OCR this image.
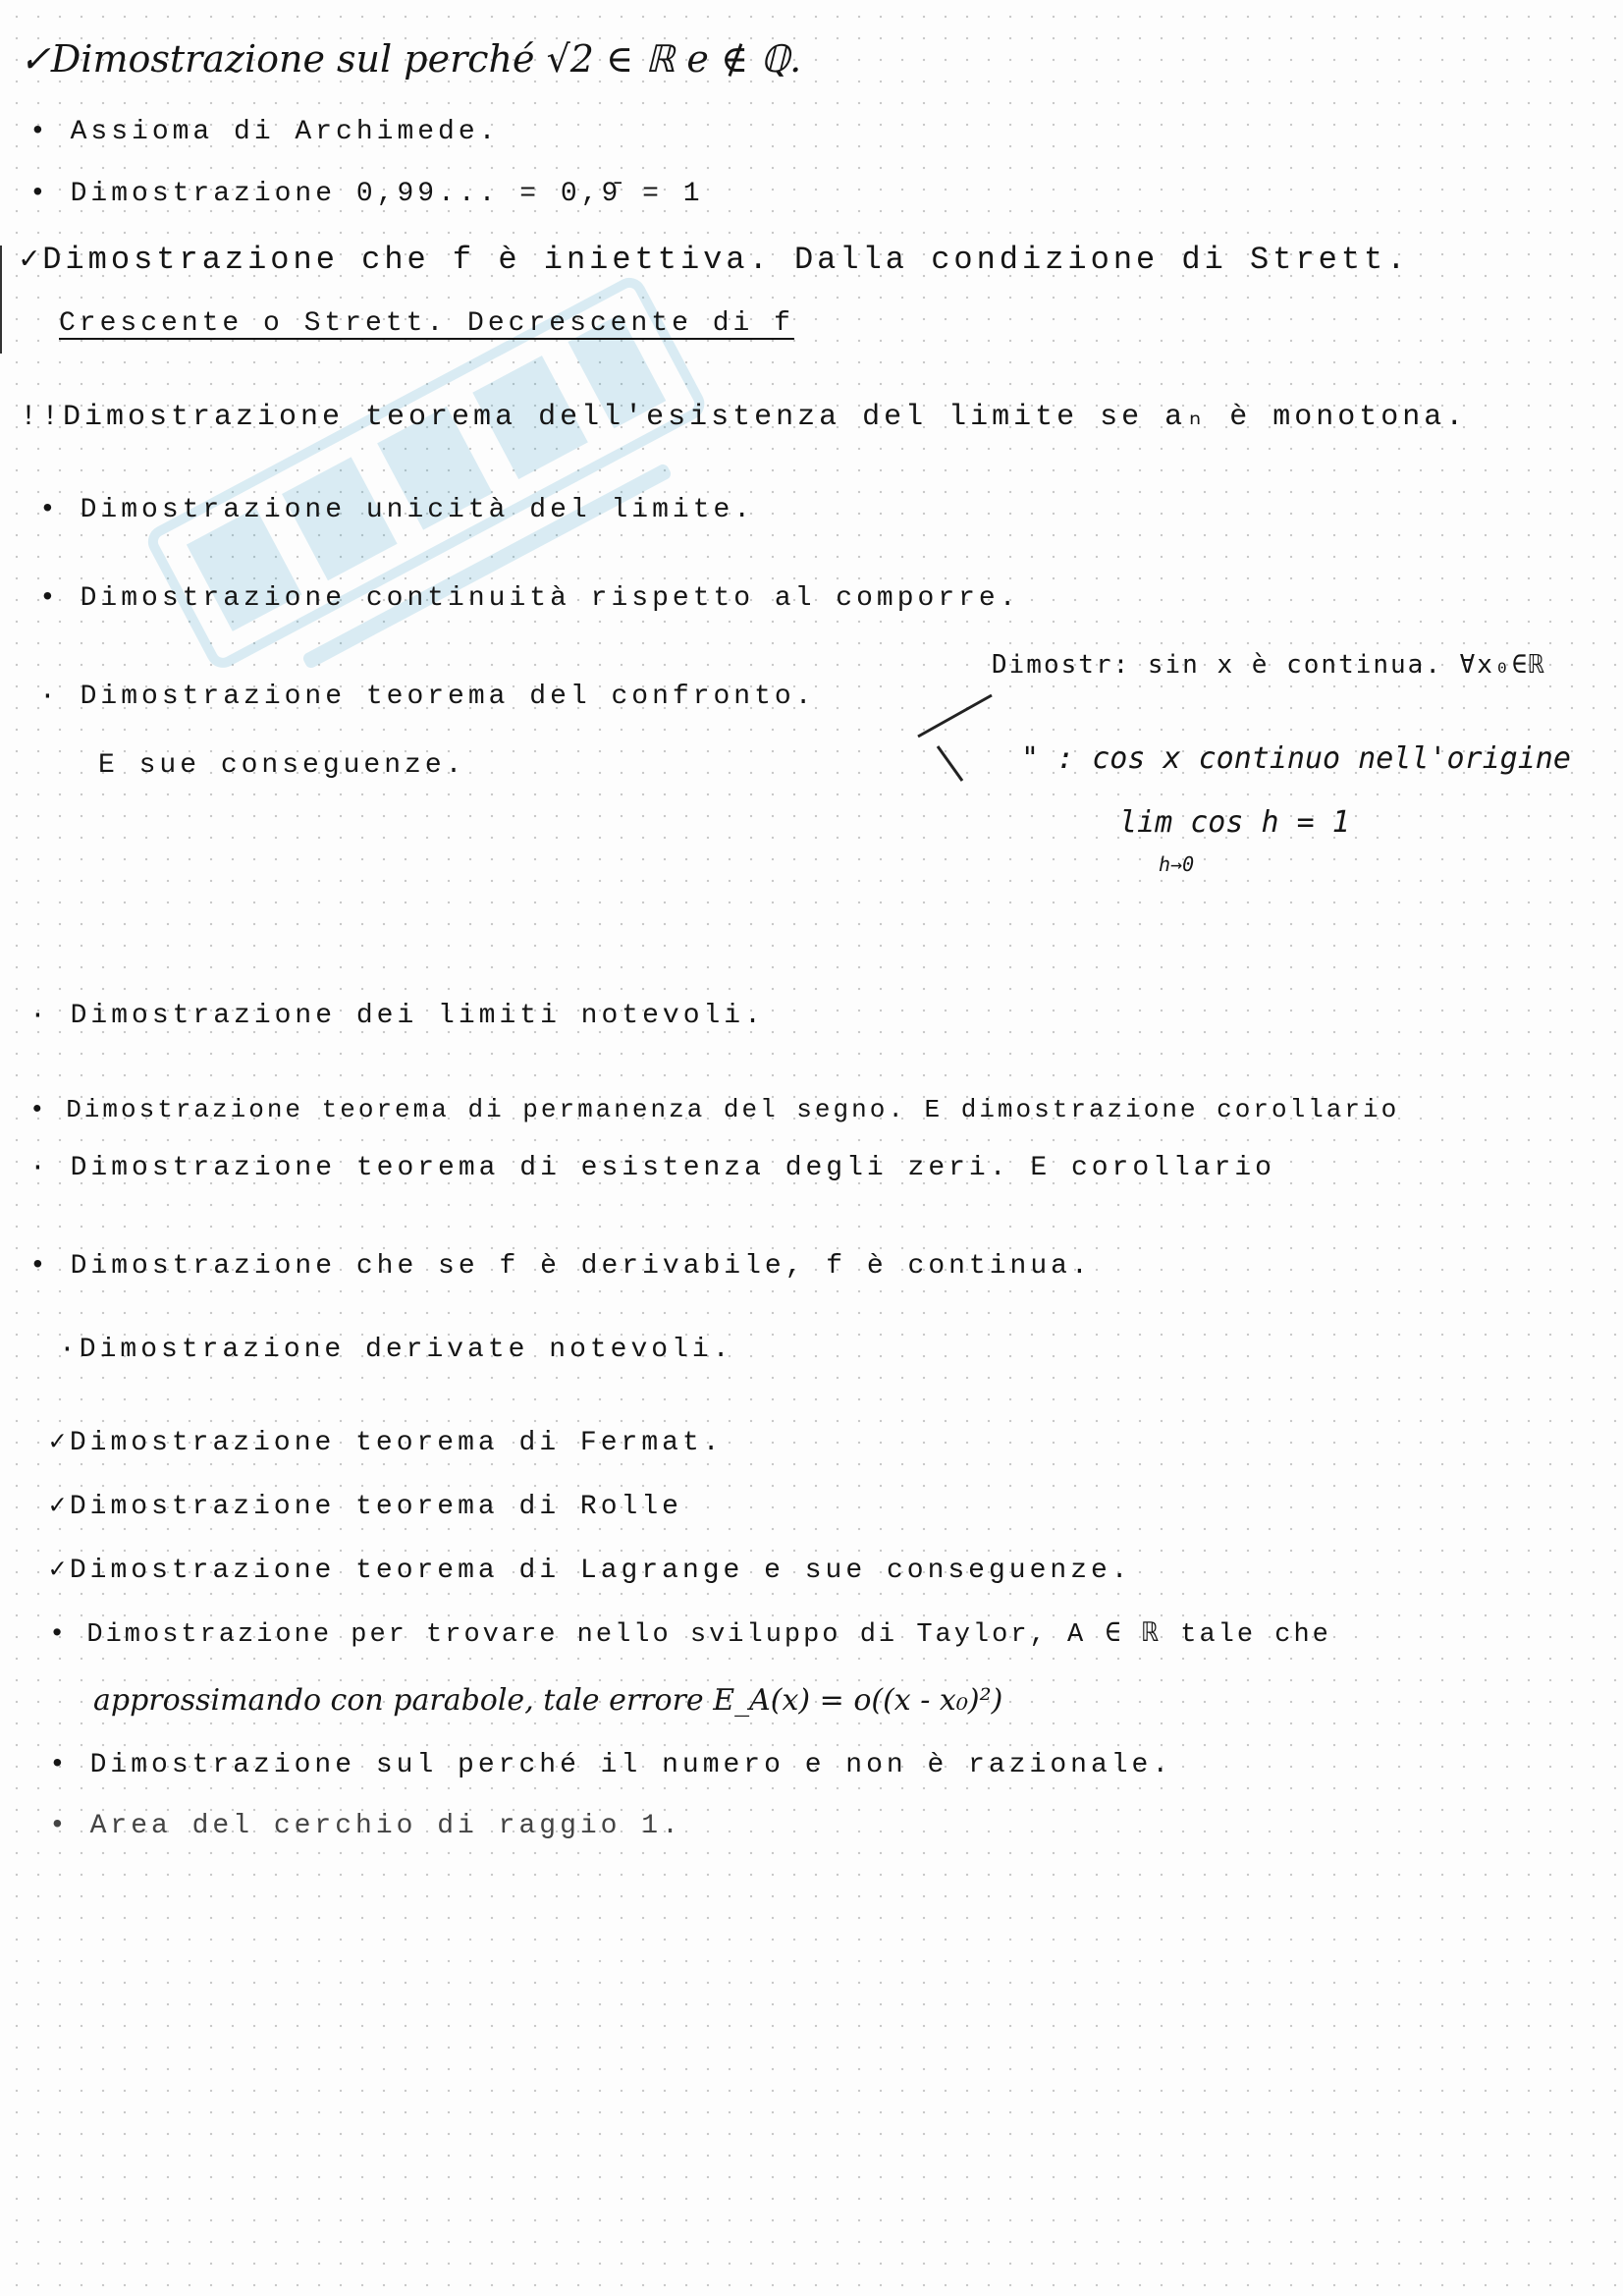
✓Dimostrazione sul perché √2 ∈ ℝ e ∉ ℚ.
• Assioma di Archimede.
• Dimostrazione 0,99... = 0,9̄ = 1
✓Dimostrazione che f è iniettiva. Dalla condizione di Strett.
Crescente o Strett. Decrescente di f
!!Dimostrazione teorema dell'esistenza del limite se aₙ è monotona.
• Dimostrazione unicità del limite.
• Dimostrazione continuità rispetto al comporre.
· Dimostrazione teorema del confronto.
E sue conseguenze.
Dimostr: sin x è continua. ∀x₀∈ℝ
" : cos x continuo nell'origine
lim cos h = 1
h→0
· Dimostrazione dei limiti notevoli.
• Dimostrazione teorema di permanenza del segno. E dimostrazione corollario
· Dimostrazione teorema di esistenza degli zeri. E corollario
• Dimostrazione che se f è derivabile, f è continua.
·Dimostrazione derivate notevoli.
✓Dimostrazione teorema di Fermat.
✓Dimostrazione teorema di Rolle
✓Dimostrazione teorema di Lagrange e sue conseguenze.
• Dimostrazione per trovare nello sviluppo di Taylor, A ∈ ℝ tale che
approssimando con parabole, tale errore E_A(x) = o((x - x₀)²)
• Dimostrazione sul perché il numero e non è razionale.
• Area del cerchio di raggio 1.
